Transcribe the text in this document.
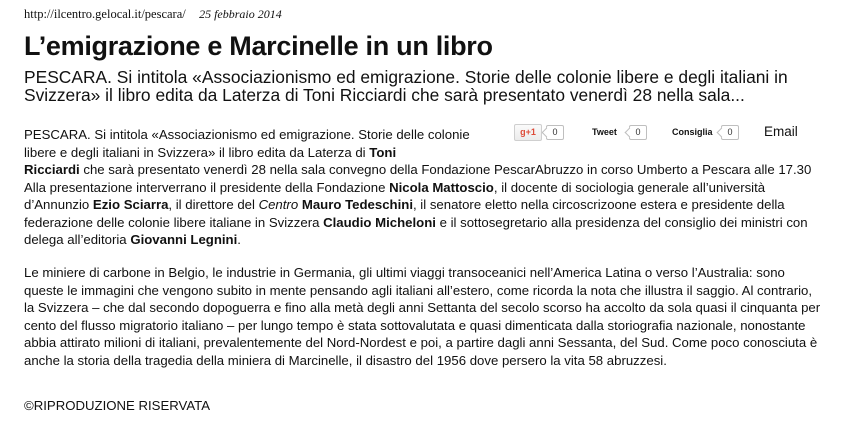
http://ilcentro.gelocal.it/pescara/ 25 febbraio 2014
L’emigrazione e Marcinelle in un libro

PESCARA. Si intitola «Associazionismo ed emigrazione. Storie delle colonie libere e degli italiani in Svizzera» il libro edita da Laterza di Toni Ricciardi che sarà presentato venerdì 28 nella sala...

g+1	0	Tweet	0	Consiglia	0	Email

PESCARA. Si intitola «Associazionismo ed emigrazione. Storie delle colonie libere e degli italiani in Svizzera» il libro edita da Laterza di Toni

Ricciardi che sarà presentato venerdì 28 nella sala convegno della Fondazione PescarAbruzzo in corso Umberto a Pescara alle 17.30 Alla presentazione interverrano il presidente della Fondazione Nicola Mattoscio, il docente di sociologia generale all’università d’Annunzio Ezio Sciarra, il direttore del Centro Mauro Tedeschini, il senatore eletto nella circoscrizoone estera e presidente della federazione delle colonie libere italiane in Svizzera Claudio Micheloni e il sottosegretario alla presidenza del consiglio dei ministri con delega all’editoria Giovanni Legnini.

Le miniere di carbone in Belgio, le industrie in Germania, gli ultimi viaggi transoceanici nell’America Latina o verso l’Australia: sono queste le immagini che vengono subito in mente pensando agli italiani all’estero, come ricorda la nota che illustra il saggio. Al contrario, la Svizzera – che dal secondo dopoguerra e fino alla metà degli anni Settanta del secolo scorso ha accolto da sola quasi il cinquanta per cento del flusso migratorio italiano – per lungo tempo è stata sottovalutata e quasi dimenticata dalla storiografia nazionale, nonostante abbia attirato milioni di italiani, prevalentemente del Nord-Nordest e poi, a partire dagli anni Sessanta, del Sud. Come poco conosciuta è anche la storia della tragedia della miniera di Marcinelle, il disastro del 1956 dove persero la vita 58 abruzzesi.

©RIPRODUZIONE RISERVATA
